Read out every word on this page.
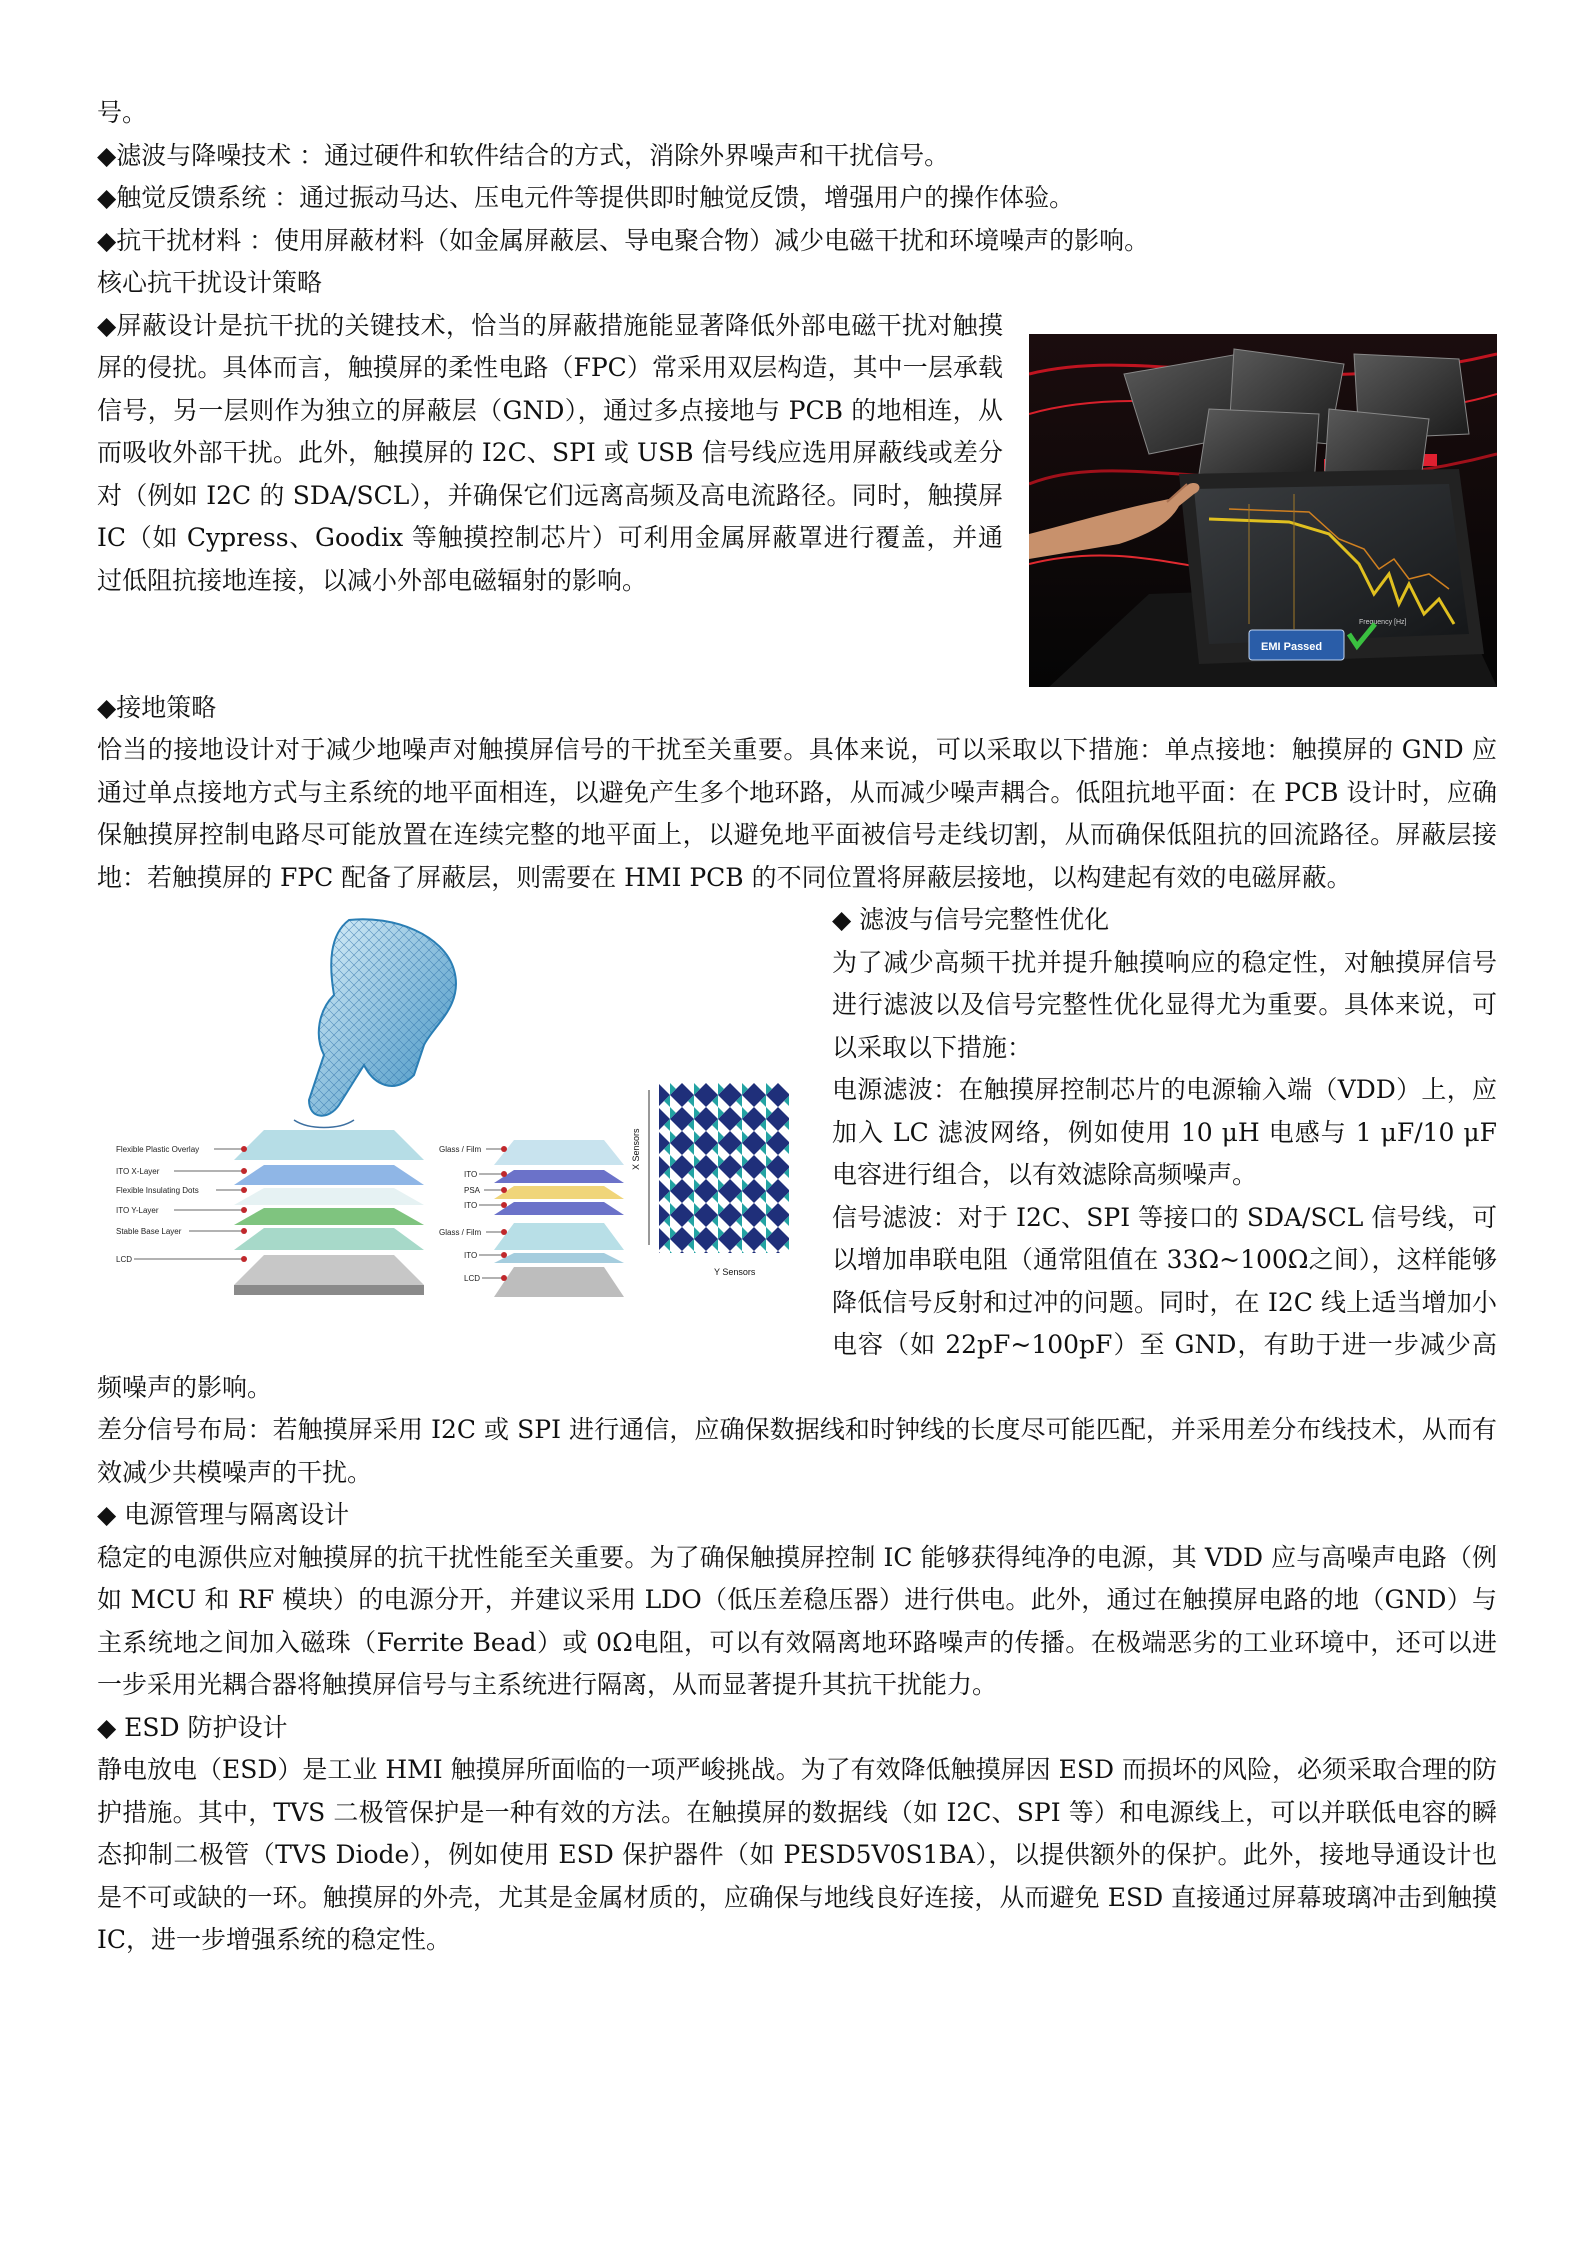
号。

◆滤波与降噪技术 ：通过硬件和软件结合的方式，消除外界噪声和干扰信号。

◆触觉反馈系统 ：通过振动马达、压电元件等提供即时触觉反馈，增强用户的操作体验。

◆抗干扰材料 ：使用屏蔽材料（如金属屏蔽层、导电聚合物）减少电磁干扰和环境噪声的影响。

核心抗干扰设计策略

Frequency [Hz]
EMI Passed

◆屏蔽设计是抗干扰的关键技术，恰当的屏蔽措施能显著降低外部电磁干扰对触摸屏的侵扰。具体而言，触摸屏的柔性电路（FPC）常采用双层构造，其中一层承载信号，另一层则作为独立的屏蔽层（GND），通过多点接地与 PCB 的地相连，从而吸收外部干扰。此外，触摸屏的 I2C、SPI 或 USB 信号线应选用屏蔽线或差分对（例如 I2C 的 SDA/SCL），并确保它们远离高频及高电流路径。同时，触摸屏 IC（如 Cypress、Goodix 等触摸控制芯片）可利用金属屏蔽罩进行覆盖，并通过低阻抗接地连接，以减小外部电磁辐射的影响。

◆接地策略

恰当的接地设计对于减少地噪声对触摸屏信号的干扰至关重要。具体来说，可以采取以下措施：单点接地：触摸屏的 GND 应通过单点接地方式与主系统的地平面相连，以避免产生多个地环路，从而减少噪声耦合。低阻抗地平面：在 PCB 设计时，应确保触摸屏控制电路尽可能放置在连续完整的地平面上，以避免地平面被信号走线切割，从而确保低阻抗的回流路径。屏蔽层接地：若触摸屏的 FPC 配备了屏蔽层，则需要在 HMI PCB 的不同位置将屏蔽层接地，以构建起有效的电磁屏蔽。

X Sensors
Y Sensors
Flexible Plastic Overlay
ITO X-Layer
Flexible Insulating Dots
ITO Y-Layer
Stable Base Layer
LCD
Glass / Film
ITO
PSA
ITO
Glass / Film
ITO
LCD

◆ 滤波与信号完整性优化

为了减少高频干扰并提升触摸响应的稳定性，对触摸屏信号进行滤波以及信号完整性优化显得尤为重要。具体来说，可以采取以下措施：

电源滤波：在触摸屏控制芯片的电源输入端（VDD）上，应加入 LC 滤波网络，例如使用 10 μH 电感与 1 μF/10 μF 电容进行组合，以有效滤除高频噪声。

信号滤波：对于 I2C、SPI 等接口的 SDA/SCL 信号线，可以增加串联电阻（通常阻值在 33Ω~100Ω之间），这样能够降低信号反射和过冲的问题。同时，在 I2C 线上适当增加小电容（如 22pF~100pF）至 GND，有助于进一步减少高频噪声的影响。

差分信号布局：若触摸屏采用 I2C 或 SPI 进行通信，应确保数据线和时钟线的长度尽可能匹配，并采用差分布线技术，从而有效减少共模噪声的干扰。

◆ 电源管理与隔离设计

稳定的电源供应对触摸屏的抗干扰性能至关重要。为了确保触摸屏控制 IC 能够获得纯净的电源，其 VDD 应与高噪声电路（例如 MCU 和 RF 模块）的电源分开，并建议采用 LDO（低压差稳压器）进行供电。此外，通过在触摸屏电路的地（GND）与主系统地之间加入磁珠（Ferrite Bead）或 0Ω电阻，可以有效隔离地环路噪声的传播。在极端恶劣的工业环境中，还可以进一步采用光耦合器将触摸屏信号与主系统进行隔离，从而显著提升其抗干扰能力。

◆ ESD 防护设计

静电放电（ESD）是工业 HMI 触摸屏所面临的一项严峻挑战。为了有效降低触摸屏因 ESD 而损坏的风险，必须采取合理的防护措施。其中，TVS 二极管保护是一种有效的方法。在触摸屏的数据线（如 I2C、SPI 等）和电源线上，可以并联低电容的瞬态抑制二极管（TVS Diode），例如使用 ESD 保护器件（如 PESD5V0S1BA），以提供额外的保护。此外，接地导通设计也是不可或缺的一环。触摸屏的外壳，尤其是金属材质的，应确保与地线良好连接，从而避免 ESD 直接通过屏幕玻璃冲击到触摸 IC，进一步增强系统的稳定性。
